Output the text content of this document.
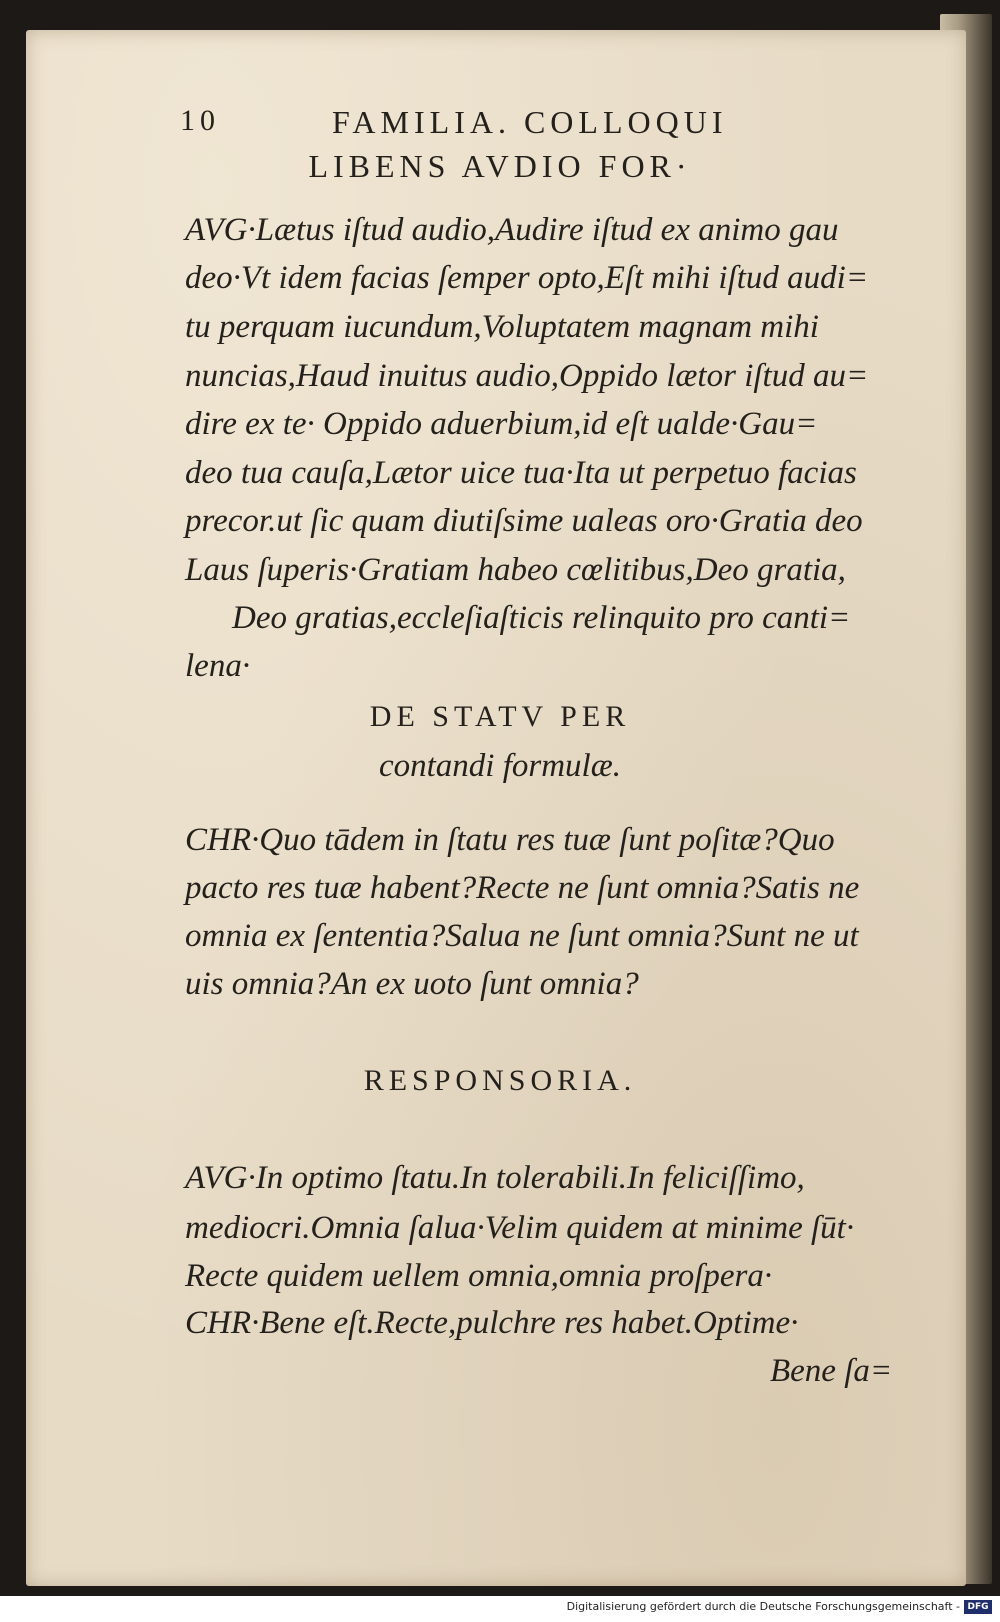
10	FAMILIA. COLLOQUI
LIBENS AVDIO FOR·
AVG·Lætus iſtud audio,Audire iſtud ex animo gau
deo·Vt idem facias ſemper opto,Eſt mihi iſtud audi=
tu perquam iucundum,Voluptatem magnam mihi
nuncias,Haud inuitus audio,Oppido lætor iſtud au=
dire ex te· Oppido aduerbium,id eſt ualde·Gau=
deo tua cauſa,Lætor uice tua·Ita ut perpetuo facias
precor.ut ſic quam diutiſsime ualeas oro·Gratia deo
Laus ſuperis·Gratiam habeo cœlitibus,Deo gratia,
Deo gratias,eccleſiaſticis relinquito pro canti=
lena·
DE STATV PER
contandi formulæ.
CHR·Quo tādem in ſtatu res tuæ ſunt poſitæ?Quo
pacto res tuæ habent?Recte ne ſunt omnia?Satis ne
omnia ex ſententia?Salua ne ſunt omnia?Sunt ne ut
uis omnia?An ex uoto ſunt omnia?
RESPONSORIA.
AVG·In optimo ſtatu.In tolerabili.In feliciſſimo,
mediocri.Omnia ſalua·Velim quidem at minime ſūt·
Recte quidem uellem omnia,omnia proſpera·
CHR·Bene eſt.Recte,pulchre res habet.Optime·
Bene ſa=
Digitalisierung gefördert durch die Deutsche Forschungsgemeinschaft - DFG
